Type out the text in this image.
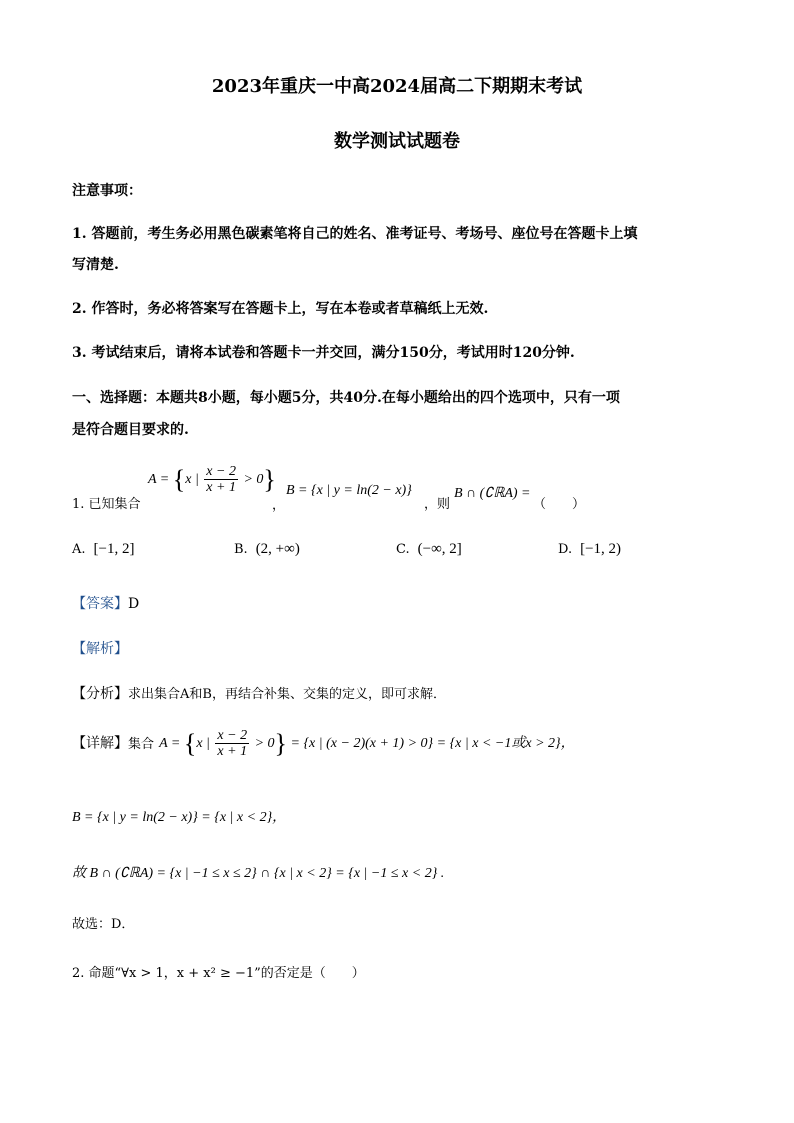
2023年重庆一中高2024届高二下期期末考试
数学测试试题卷
注意事项：
1. 答题前，考生务必用黑色碳素笔将自己的姓名、准考证号、考场号、座位号在答题卡上填
写清楚.
2. 作答时，务必将答案写在答题卡上，写在本卷或者草稿纸上无效.
3. 考试结束后，请将本试卷和答题卡一并交回，满分150分，考试用时120分钟.
一、选择题：本题共8小题，每小题5分，共40分.在每小题给出的四个选项中，只有一项
是符合题目要求的.
1. 已知集合
A = {x | $\frac{x - 2}{x + 1} > 0$}
，
B = {x | y = ln(2 − x)}
，则
B ∩ (∁ℝA) =
（　　）
A. [−1, 2]	B. (2, +∞)	C. (−∞, 2]	D. [−1, 2)
【答案】D
【解析】
【分析】求出集合A和B，再结合补集、交集的定义，即可求解．
【详解】集合 A = {x | $\frac{x - 2}{x + 1} > 0\} = \{x$ | (x − 2)(x + 1) > 0} = {x | x < −1或x > 2}，
B = {x | y = ln(2 − x)} = {x | x < 2}，
故 B ∩ (∁ℝA) = {x | −1 ≤ x ≤ 2} ∩ {x | x < 2} = {x | −1 ≤ x < 2} .
故选：D．
2. 命题“∀x > 1，x + x² ≥ −1”的否定是（　　）
